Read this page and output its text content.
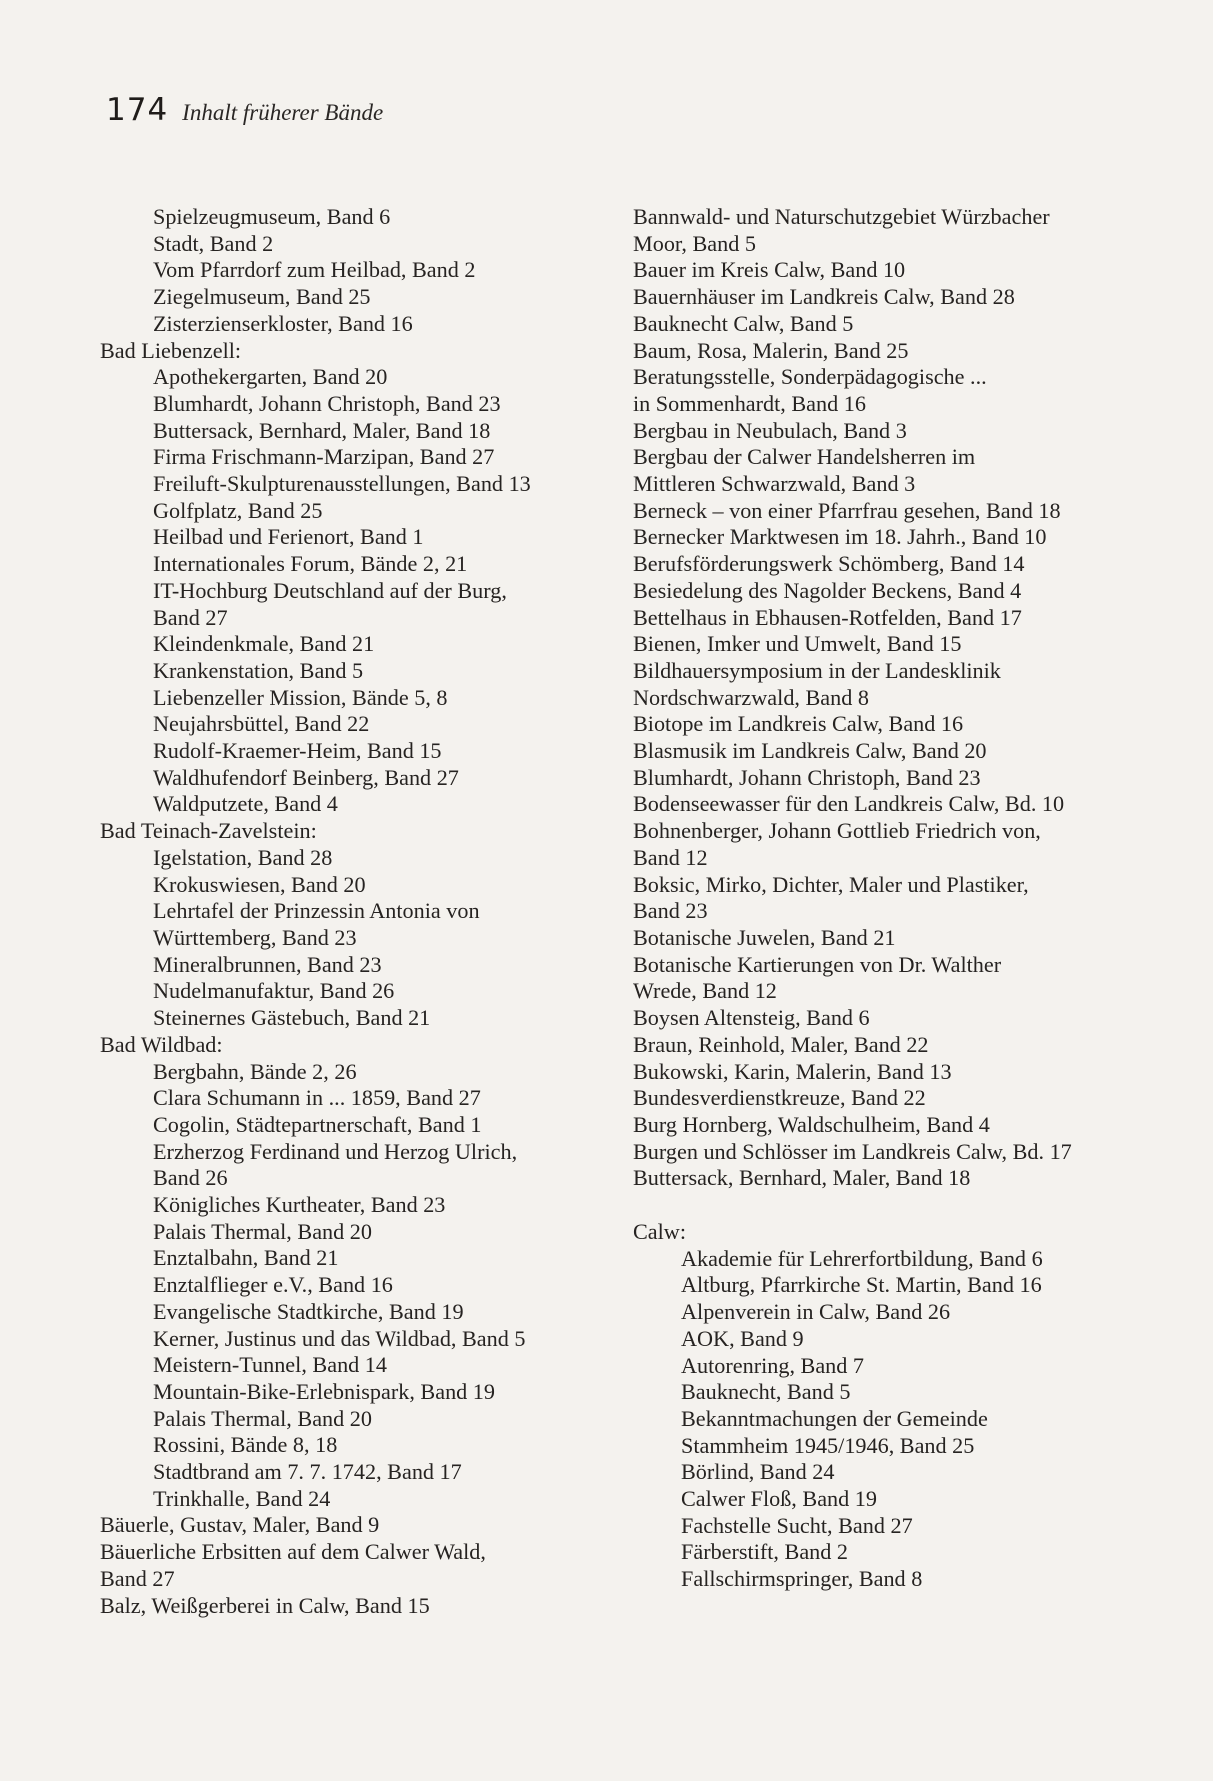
174 Inhalt früherer Bände
Spielzeugmuseum, Band 6
Stadt, Band 2
Vom Pfarrdorf zum Heilbad, Band 2
Ziegelmuseum, Band 25
Zisterzienserkloster, Band 16
Bad Liebenzell:
Apothekergarten, Band 20
Blumhardt, Johann Christoph, Band 23
Buttersack, Bernhard, Maler, Band 18
Firma Frischmann-Marzipan, Band 27
Freiluft-Skulpturenausstellungen, Band 13
Golfplatz, Band 25
Heilbad und Ferienort, Band 1
Internationales Forum, Bände 2, 21
IT-Hochburg Deutschland auf der Burg,
Band 27
Kleindenkmale, Band 21
Krankenstation, Band 5
Liebenzeller Mission, Bände 5, 8
Neujahrsbüttel, Band 22
Rudolf-Kraemer-Heim, Band 15
Waldhufendorf Beinberg, Band 27
Waldputzete, Band 4
Bad Teinach-Zavelstein:
Igelstation, Band 28
Krokuswiesen, Band 20
Lehrtafel der Prinzessin Antonia von
Württemberg, Band 23
Mineralbrunnen, Band 23
Nudelmanufaktur, Band 26
Steinernes Gästebuch, Band 21
Bad Wildbad:
Bergbahn, Bände 2, 26
Clara Schumann in ... 1859, Band 27
Cogolin, Städtepartnerschaft, Band 1
Erzherzog Ferdinand und Herzog Ulrich,
Band 26
Königliches Kurtheater, Band 23
Palais Thermal, Band 20
Enztalbahn, Band 21
Enztalflieger e.V., Band 16
Evangelische Stadtkirche, Band 19
Kerner, Justinus und das Wildbad, Band 5
Meistern-Tunnel, Band 14
Mountain-Bike-Erlebnispark, Band 19
Palais Thermal, Band 20
Rossini, Bände 8, 18
Stadtbrand am 7. 7. 1742, Band 17
Trinkhalle, Band 24
Bäuerle, Gustav, Maler, Band 9
Bäuerliche Erbsitten auf dem Calwer Wald,
Band 27
Balz, Weißgerberei in Calw, Band 15
Bannwald- und Naturschutzgebiet Würzbacher
Moor, Band 5
Bauer im Kreis Calw, Band 10
Bauernhäuser im Landkreis Calw, Band 28
Bauknecht Calw, Band 5
Baum, Rosa, Malerin, Band 25
Beratungsstelle, Sonderpädagogische ...
in Sommenhardt, Band 16
Bergbau in Neubulach, Band 3
Bergbau der Calwer Handelsherren im
Mittleren Schwarzwald, Band 3
Berneck – von einer Pfarrfrau gesehen, Band 18
Bernecker Marktwesen im 18. Jahrh., Band 10
Berufsförderungswerk Schömberg, Band 14
Besiedelung des Nagolder Beckens, Band 4
Bettelhaus in Ebhausen-Rotfelden, Band 17
Bienen, Imker und Umwelt, Band 15
Bildhauersymposium in der Landesklinik
Nordschwarzwald, Band 8
Biotope im Landkreis Calw, Band 16
Blasmusik im Landkreis Calw, Band 20
Blumhardt, Johann Christoph, Band 23
Bodenseewasser für den Landkreis Calw, Bd. 10
Bohnenberger, Johann Gottlieb Friedrich von,
Band 12
Boksic, Mirko, Dichter, Maler und Plastiker,
Band 23
Botanische Juwelen, Band 21
Botanische Kartierungen von Dr. Walther
Wrede, Band 12
Boysen Altensteig, Band 6
Braun, Reinhold, Maler, Band 22
Bukowski, Karin, Malerin, Band 13
Bundesverdienstkreuze, Band 22
Burg Hornberg, Waldschulheim, Band 4
Burgen und Schlösser im Landkreis Calw, Bd. 17
Buttersack, Bernhard, Maler, Band 18
Calw:
Akademie für Lehrerfortbildung, Band 6
Altburg, Pfarrkirche St. Martin, Band 16
Alpenverein in Calw, Band 26
AOK, Band 9
Autorenring, Band 7
Bauknecht, Band 5
Bekanntmachungen der Gemeinde
Stammheim 1945/1946, Band 25
Börlind, Band 24
Calwer Floß, Band 19
Fachstelle Sucht, Band 27
Färberstift, Band 2
Fallschirmspringer, Band 8
